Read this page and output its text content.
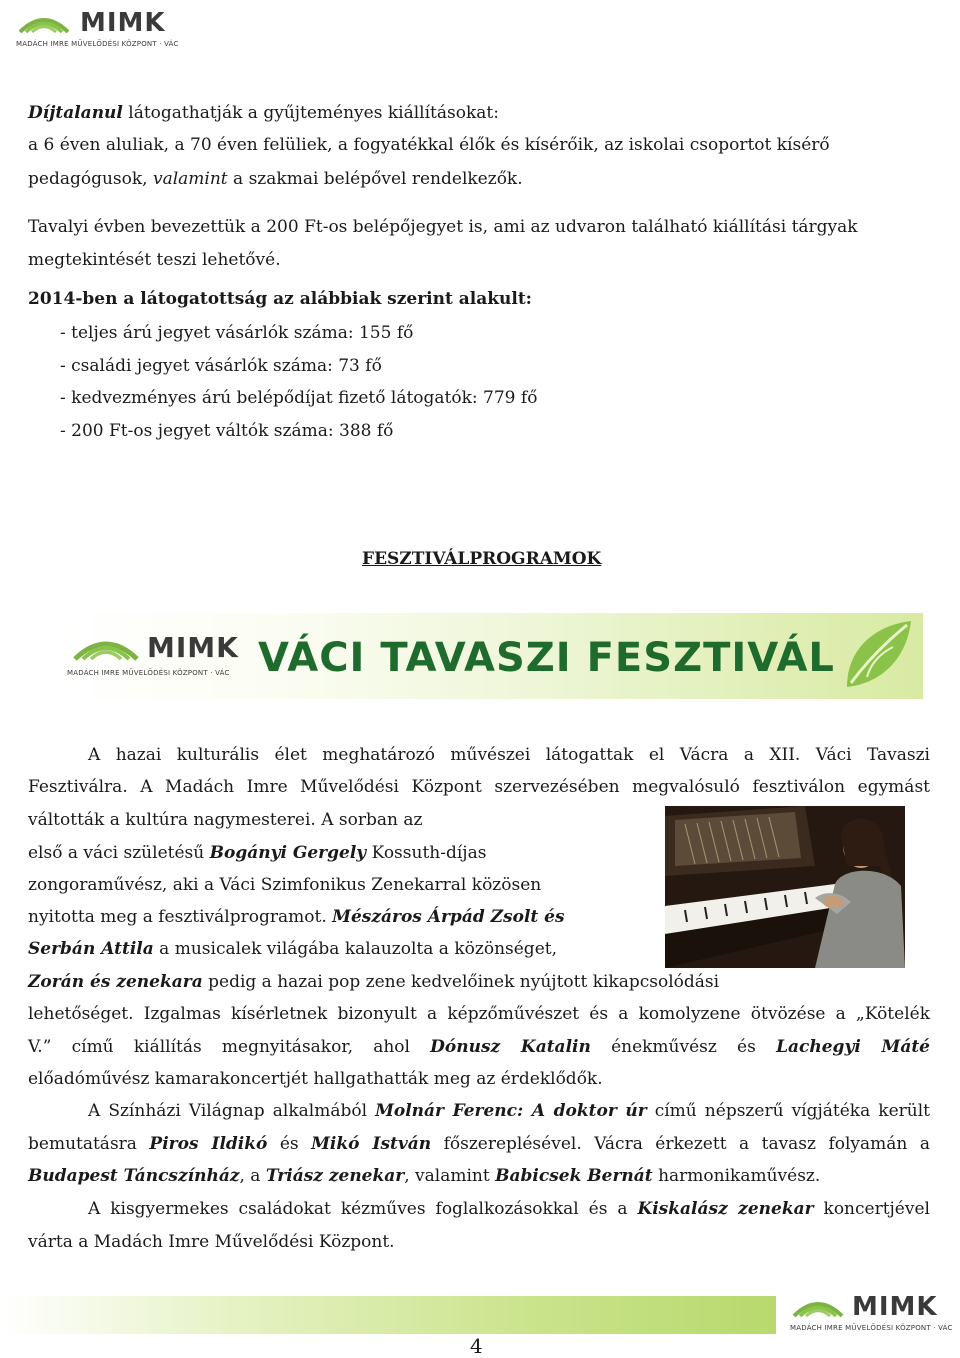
MIMK
MADÁCH IMRE MŰVELŐDÉSI KÖZPONT · VÁC
Díjtalanul látogathatják a gyűjteményes kiállításokat:
a 6 éven aluliak, a 70 éven felüliek, a fogyatékkal élők és kísérőik, az iskolai csoportot kísérő
pedagógusok, valamint a szakmai belépővel rendelkezők.
Tavalyi évben bevezettük a 200 Ft-os belépőjegyet is, ami az udvaron található kiállítási tárgyak
megtekintését teszi lehetővé.
2014-ben a látogatottság az alábbiak szerint alakult:
- teljes árú jegyet vásárlók száma: 155 fő
- családi jegyet vásárlók száma: 73 fő
- kedvezményes árú belépődíjat fizető látogatók: 779 fő
- 200 Ft-os jegyet váltók száma: 388 fő
FESZTIVÁLPROGRAMOK
MIMK
MADÁCH IMRE MŰVELŐDÉSI KÖZPONT · VÁC VÁCI TAVASZI FESZTIVÁL
A hazai kulturális élet meghatározó művészei látogattak el Vácra a XII. Váci Tavaszi
Fesztiválra. A Madách Imre Művelődési Központ szervezésében megvalósuló fesztiválon egymást
váltották a kultúra nagymesterei. A sorban az
első a váci születésű Bogányi Gergely Kossuth-díjas
zongoraművész, aki a Váci Szimfonikus Zenekarral közösen
nyitotta meg a fesztiválprogramot. Mészáros Árpád Zsolt és
Serbán Attila a musicalek világába kalauzolta a közönséget,
Zorán és zenekara pedig a hazai pop zene kedvelőinek nyújtott kikapcsolódási
lehetőséget. Izgalmas kísérletnek bizonyult a képzőművészet és a komolyzene ötvözése a „Kötelék
V.” című kiállítás megnyitásakor, ahol Dónusz Katalin énekművész és Lachegyi Máté
előadóművész kamarakoncertjét hallgathatták meg az érdeklődők.
A Színházi Világnap alkalmából Molnár Ferenc: A doktor úr című népszerű vígjátéka került
bemutatásra Piros Ildikó és Mikó István főszereplésével. Vácra érkezett a tavasz folyamán a
Budapest Táncszínház, a Triász zenekar, valamint Babicsek Bernát harmonikaművész.
A kisgyermekes családokat kézműves foglalkozásokkal és a Kiskalász zenekar koncertjével
várta a Madách Imre Művelődési Központ.
MIMK
MADÁCH IMRE MŰVELŐDÉSI KÖZPONT · VÁC
4
